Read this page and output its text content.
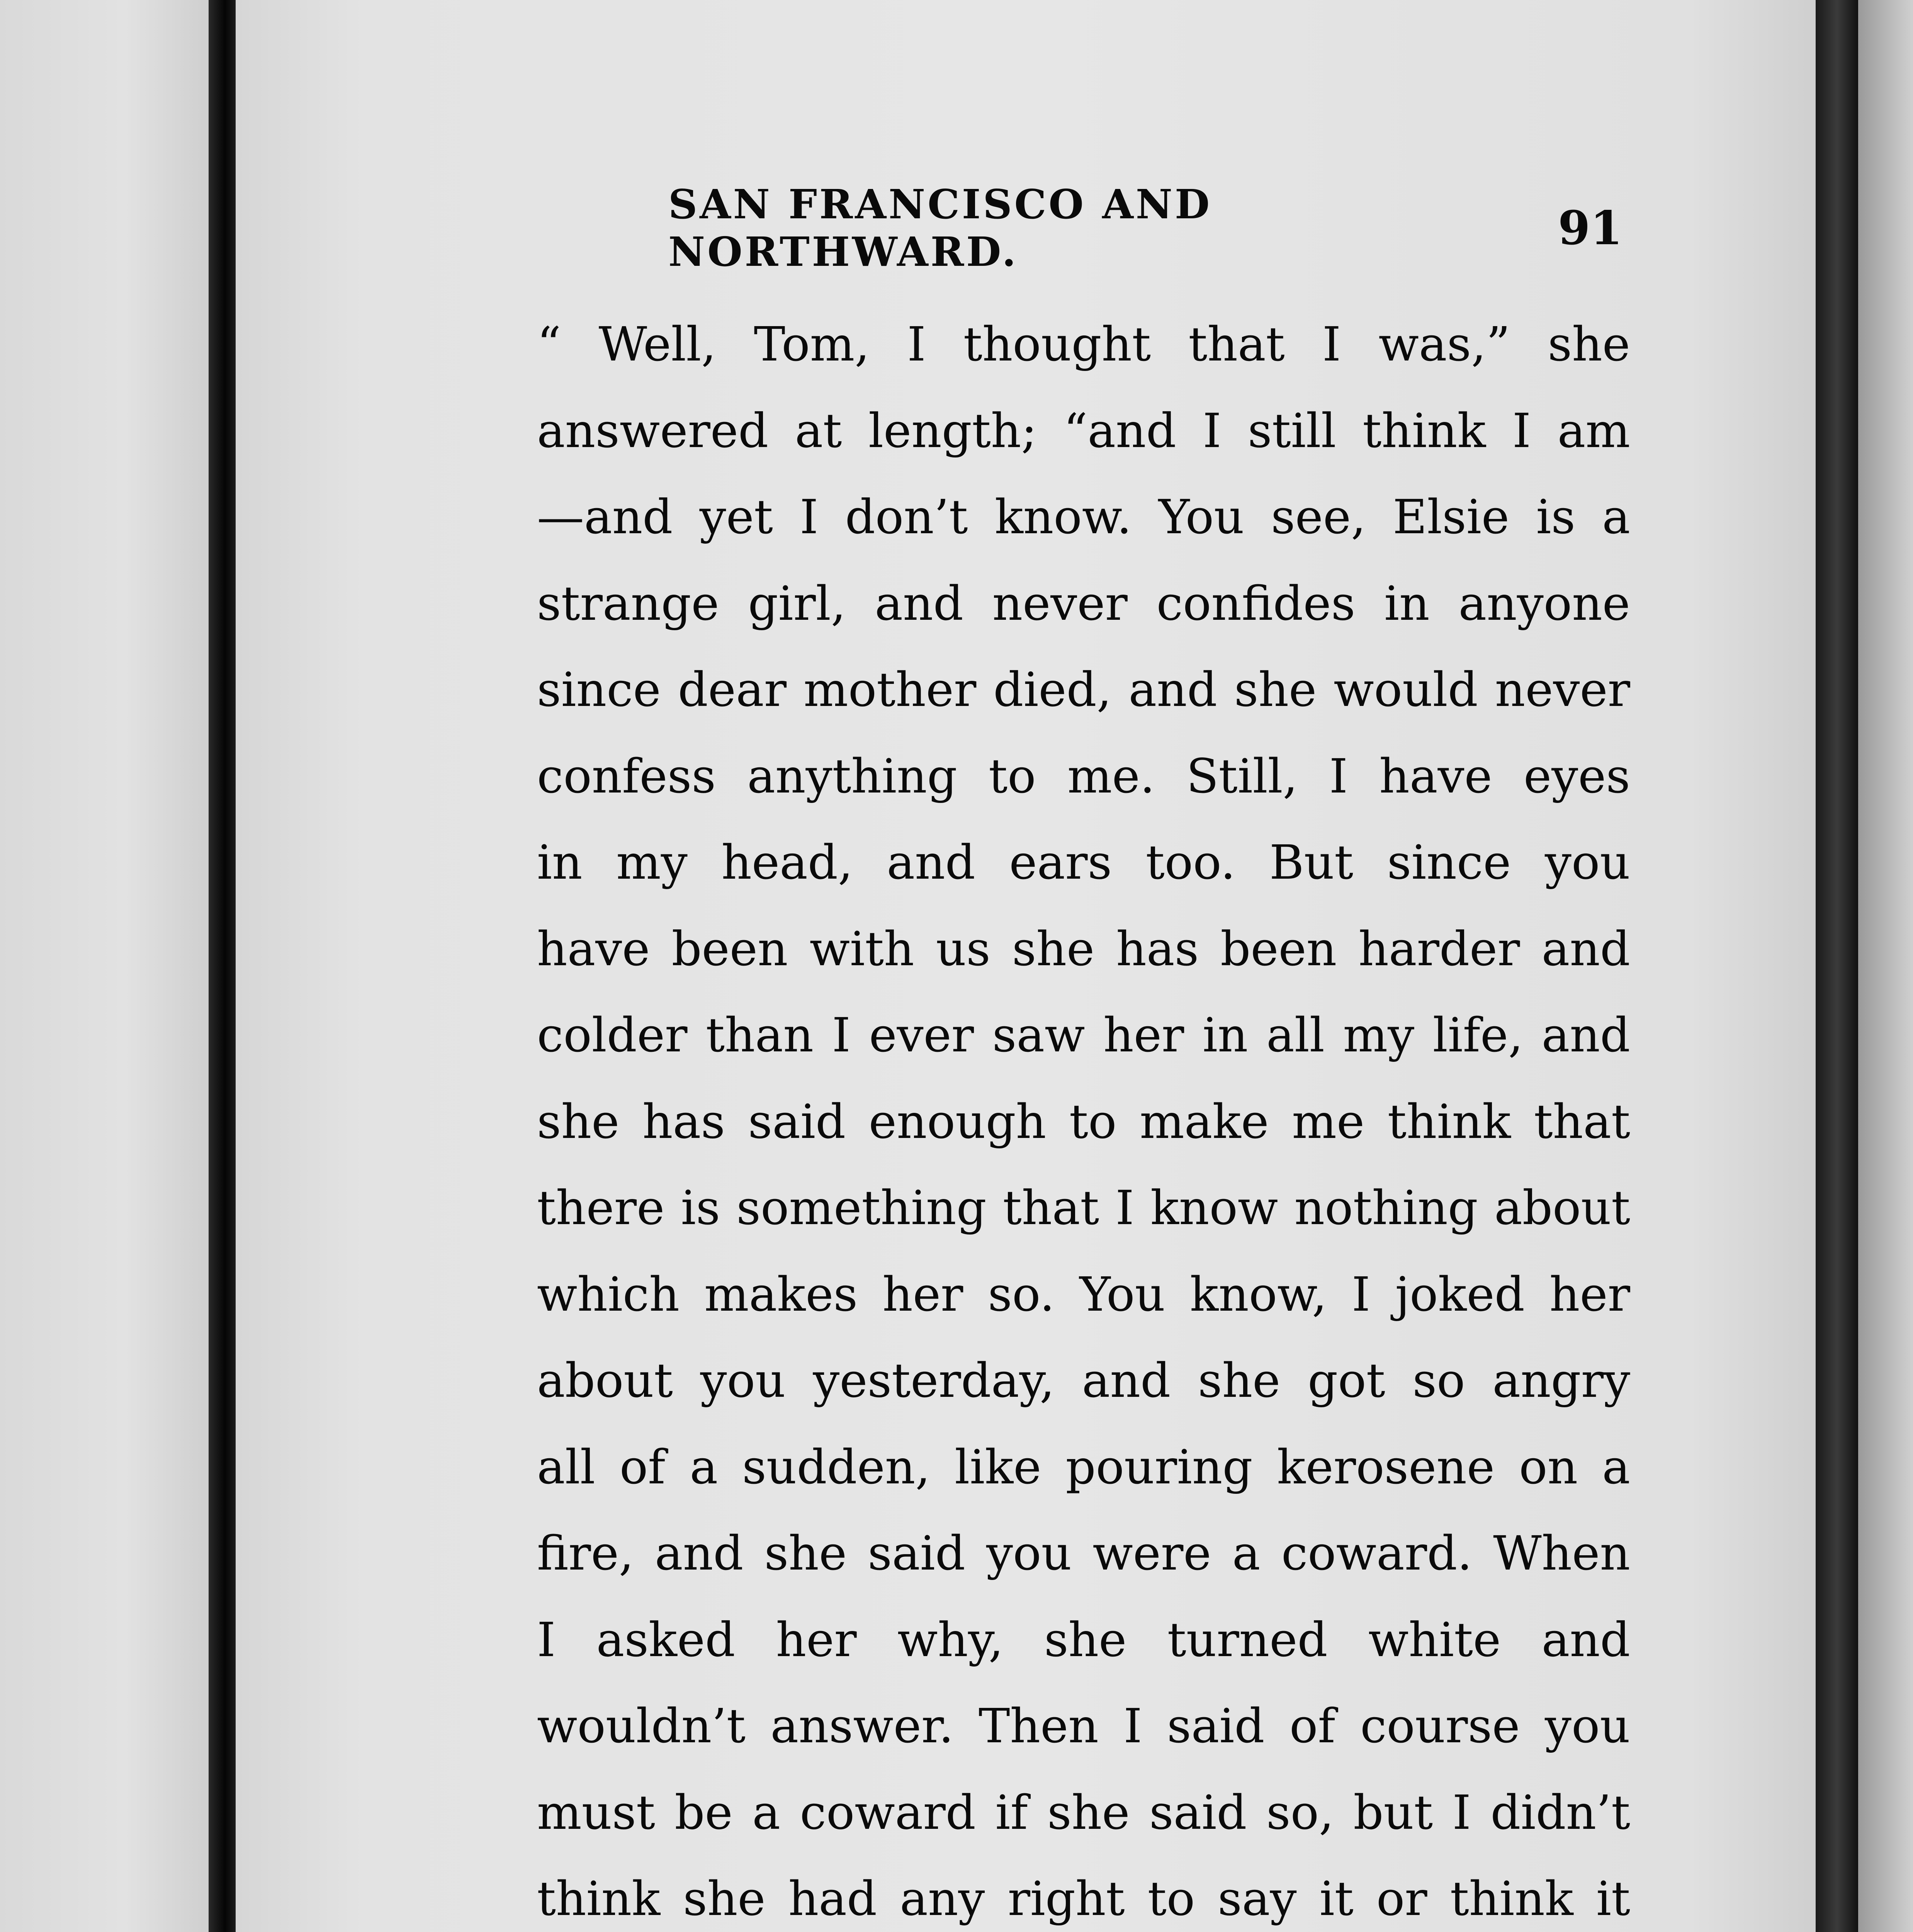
SAN FRANCISCO AND NORTHWARD.	91
“ Well, Tom, I thought that I was,” she
answered at length; “and I still think I am
—and yet I don’t know. You see, Elsie is a
strange girl, and never confides in anyone
since dear mother died, and she would never
confess anything to me. Still, I have eyes
in my head, and ears too. But since you
have been with us she has been harder and
colder than I ever saw her in all my life, and
she has said enough to make me think that
there is something that I know nothing about
which makes her so. You know, I joked her
about you yesterday, and she got so angry
all of a sudden, like pouring kerosene on a
fire, and she said you were a coward. When
I asked her why, she turned white and
wouldn’t answer. Then I said of course you
must be a coward if she said so, but I didn’t
think she had any right to say it or think it
